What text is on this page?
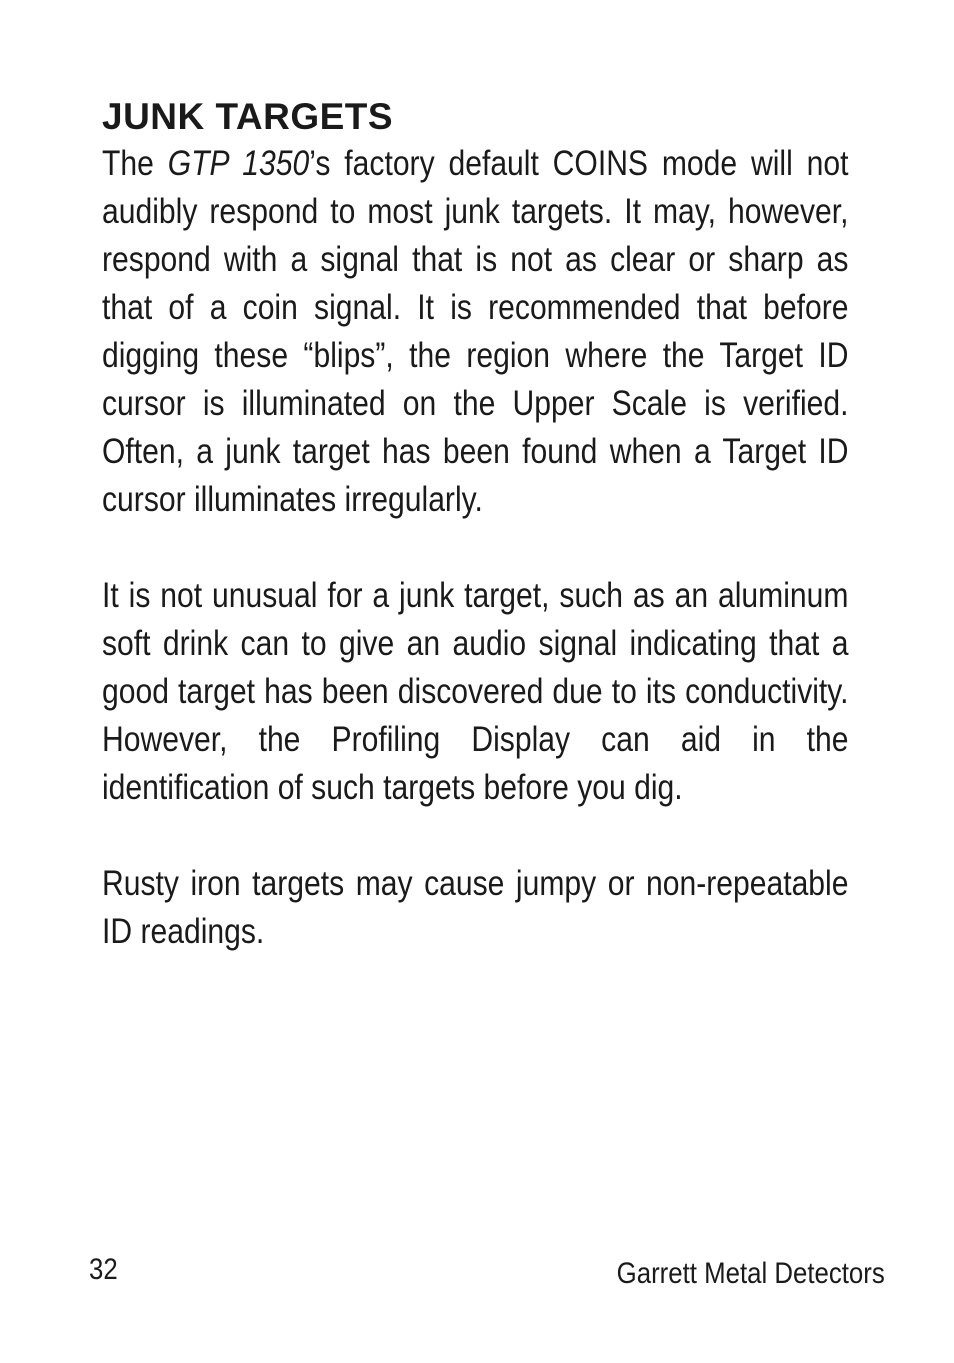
JUNK TARGETS

The GTP 1350’s factory default COINS mode will not audibly respond to most junk targets. It may, however, respond with a signal that is not as clear or sharp as that of a coin signal. It is recommended that before digging these “blips”, the region where the Target ID cursor is illuminated on the Upper Scale is verified. Often, a junk target has been found when a Target ID cursor illuminates irregularly.

It is not unusual for a junk target, such as an aluminum soft drink can to give an audio signal indicating that a good target has been discovered due to its conductivity. However, the Profiling Display can aid in the identification of such targets before you dig.

Rusty iron targets may cause jumpy or non-repeatable ID readings.

32	Garrett Metal Detectors
